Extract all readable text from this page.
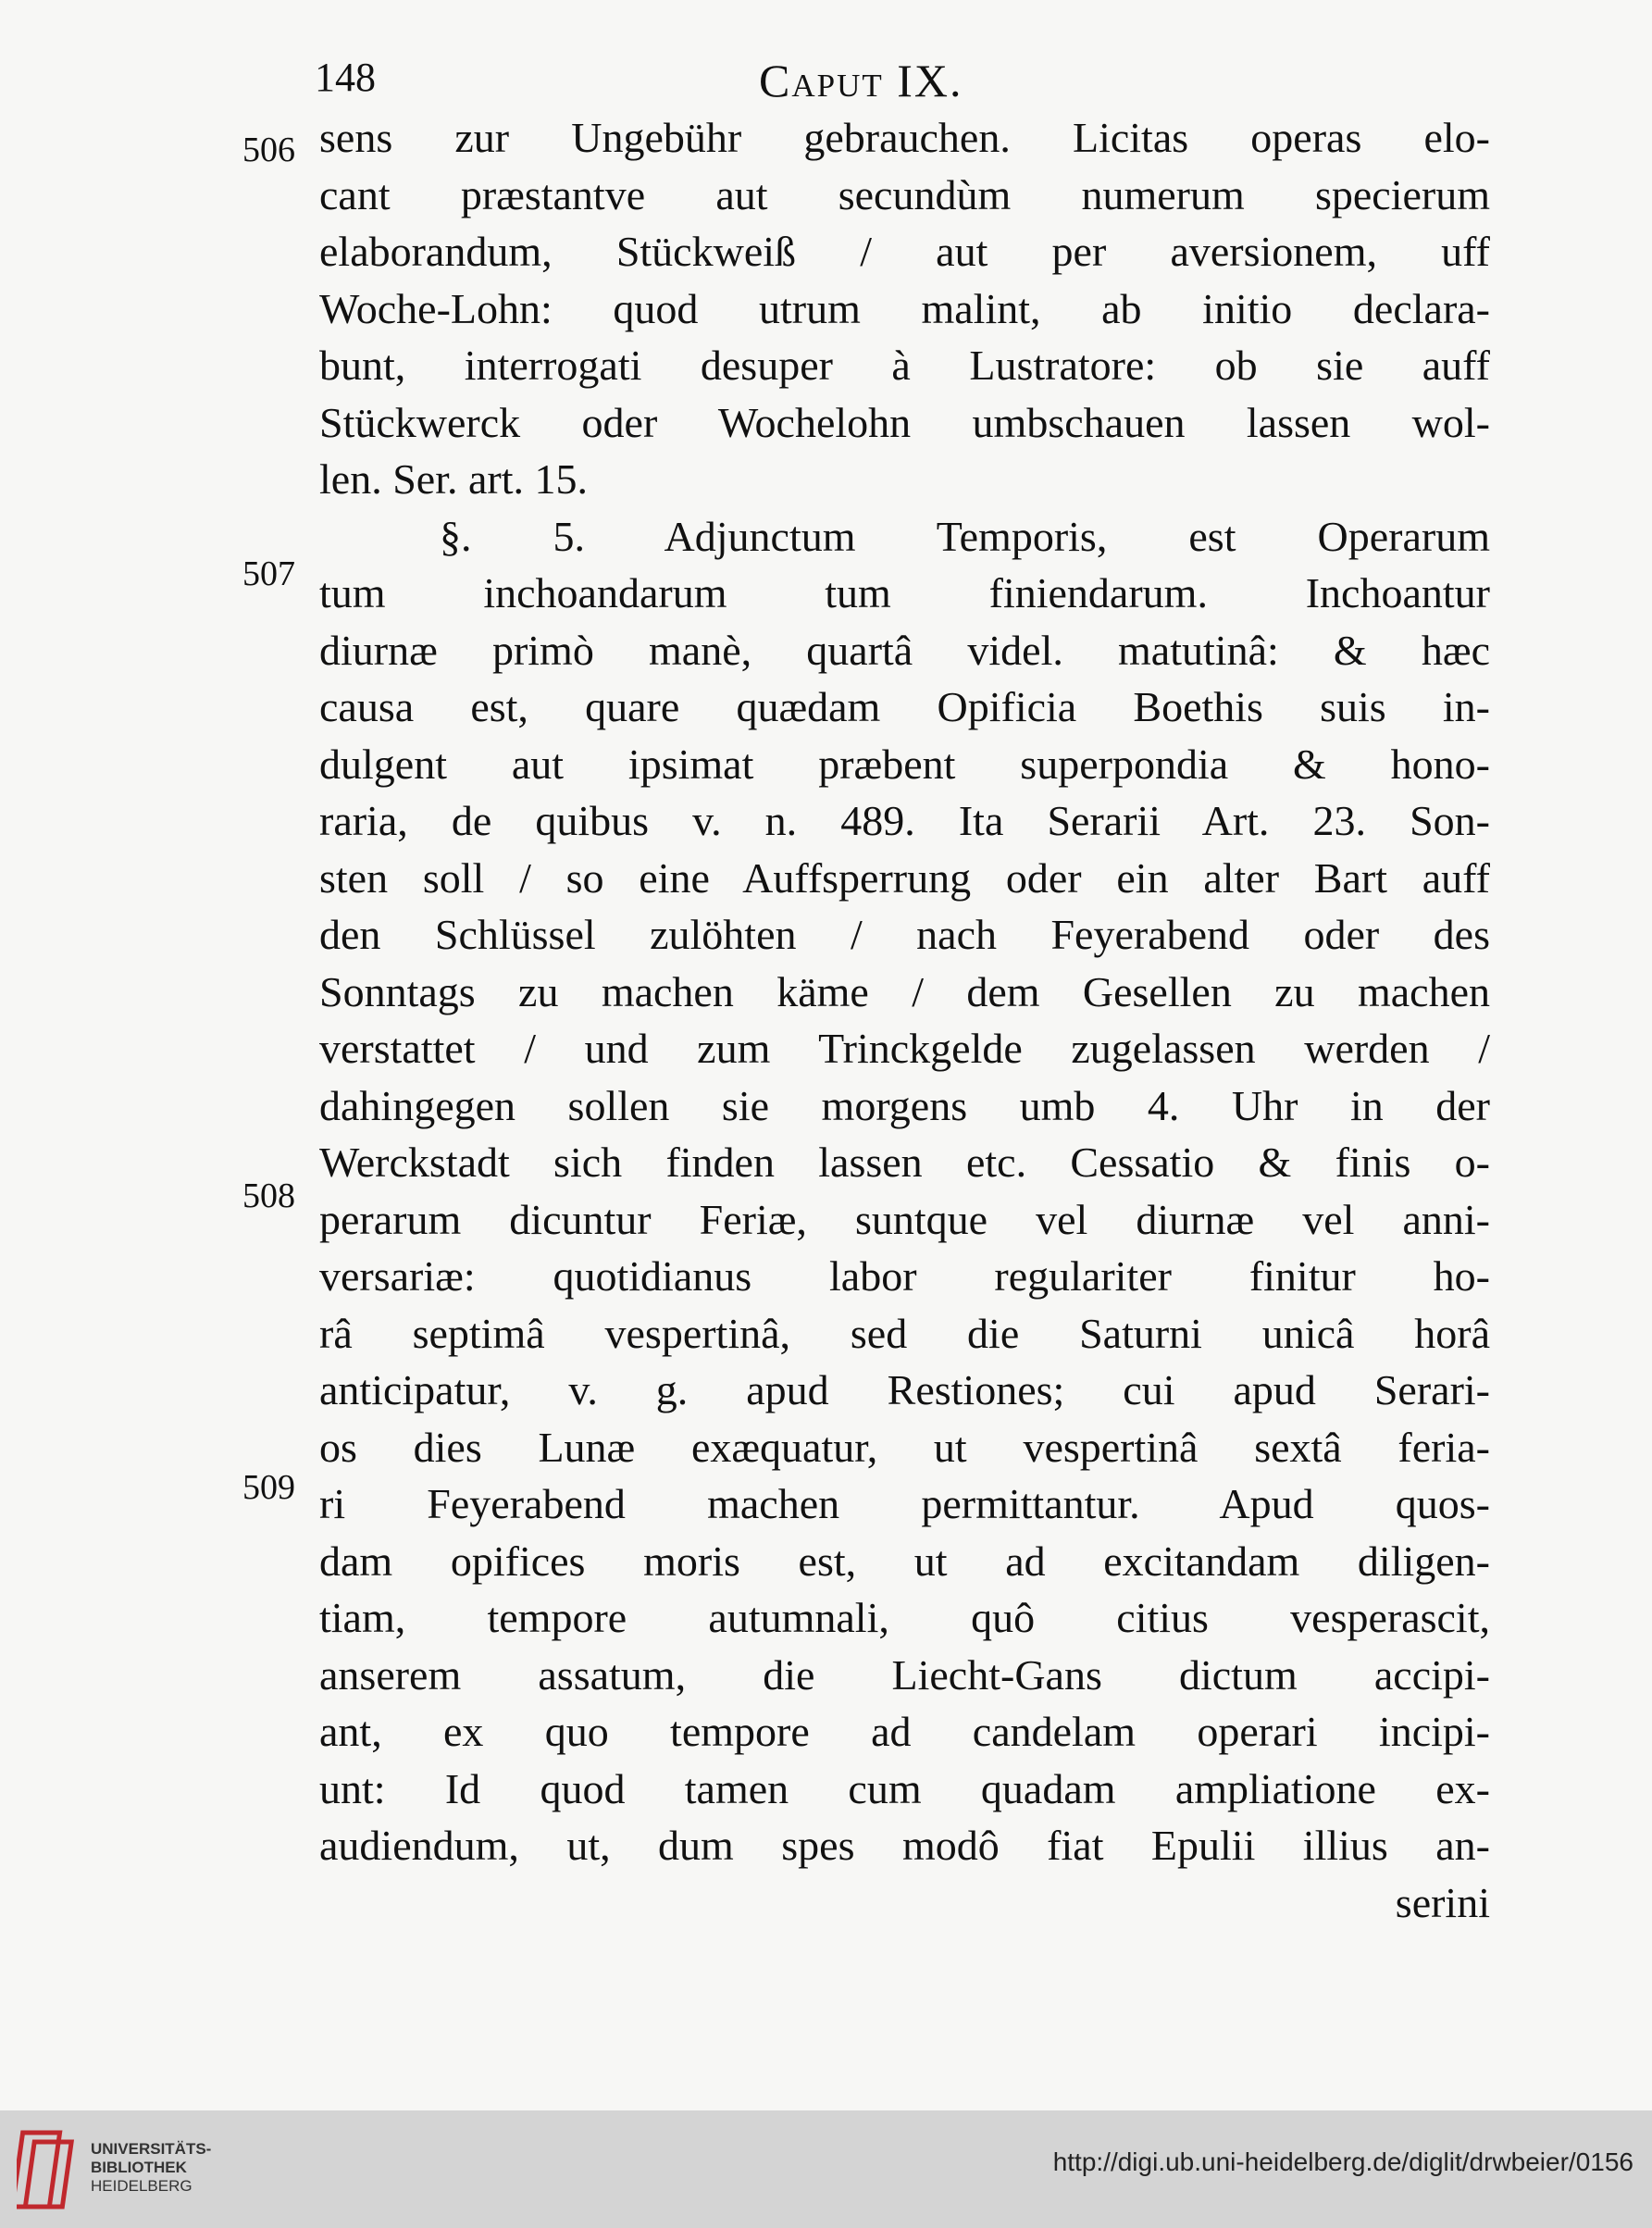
148	Caput IX.
506
507
508
509
sens zur Ungebühr gebrauchen. Licitas operas elo-
cant præstantve aut secundùm numerum specierum
elaborandum, Stückweiß / aut per aversionem, uff
Woche-Lohn: quod utrum malint, ab initio declara-
bunt, interrogati desuper à Lustratore: ob sie auff
Stückwerck oder Wochelohn umbschauen lassen wol-
len. Ser. art. 15.
§. 5. Adjunctum Temporis, est Operarum
tum inchoandarum tum finiendarum. Inchoantur
diurnæ primò manè, quartâ videl. matutinâ: & hæc
causa est, quare quædam Opificia Boethis suis in-
dulgent aut ipsimat præbent superpondia & hono-
raria, de quibus v. n. 489. Ita Serarii Art. 23. Son-
sten soll / so eine Auffsperrung oder ein alter Bart auff
den Schlüssel zulöhten / nach Feyerabend oder des
Sonntags zu machen käme / dem Gesellen zu machen
verstattet / und zum Trinckgelde zugelassen werden /
dahingegen sollen sie morgens umb 4. Uhr in der
Werckstadt sich finden lassen etc. Cessatio & finis o-
perarum dicuntur Feriæ, suntque vel diurnæ vel anni-
versariæ: quotidianus labor regulariter finitur ho-
râ septimâ vespertinâ, sed die Saturni unicâ horâ
anticipatur, v. g. apud Restiones; cui apud Serari-
os dies Lunæ exæquatur, ut vespertinâ sextâ feria-
ri Feyerabend machen permittantur. Apud quos-
dam opifices moris est, ut ad excitandam diligen-
tiam, tempore autumnali, quô citius vesperascit,
anserem assatum, die Liecht-Gans dictum accipi-
ant, ex quo tempore ad candelam operari incipi-
unt: Id quod tamen cum quadam ampliatione ex-
audiendum, ut, dum spes modô fiat Epulii illius an-
serini
UNIVERSITÄTS-
BIBLIOTHEK
HEIDELBERG
http://digi.ub.uni-heidelberg.de/diglit/drwbeier/0156
